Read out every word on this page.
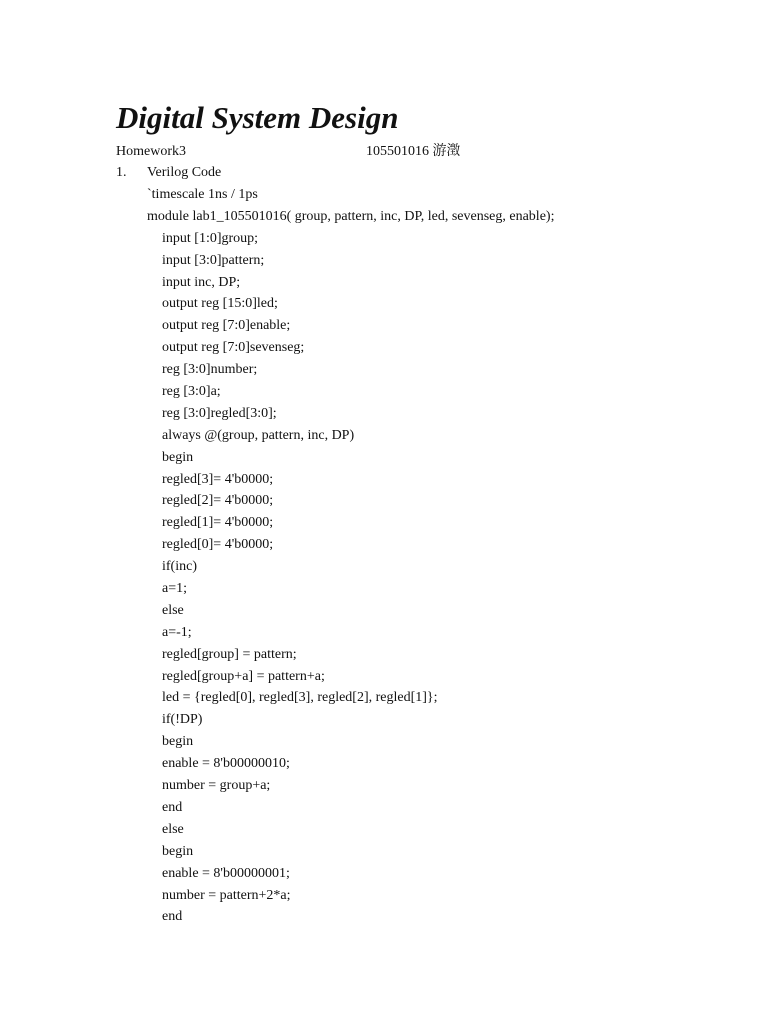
Digital System Design
Homework3	105501016 游澂
1. Verilog Code
`timescale 1ns / 1ps
module lab1_105501016( group, pattern, inc, DP, led, sevenseg, enable);
input [1:0]group;
input [3:0]pattern;
input inc, DP;
output reg [15:0]led;
output reg [7:0]enable;
output reg [7:0]sevenseg;
reg [3:0]number;
reg [3:0]a;
reg [3:0]regled[3:0];
always @(group, pattern, inc, DP)
begin
regled[3]= 4'b0000;
regled[2]= 4'b0000;
regled[1]= 4'b0000;
regled[0]= 4'b0000;
if(inc)
a=1;
else
a=-1;
regled[group] = pattern;
regled[group+a] = pattern+a;
led = {regled[0], regled[3], regled[2], regled[1]};
if(!DP)
begin
enable = 8'b00000010;
number = group+a;
end
else
begin
enable = 8'b00000001;
number = pattern+2*a;
end
